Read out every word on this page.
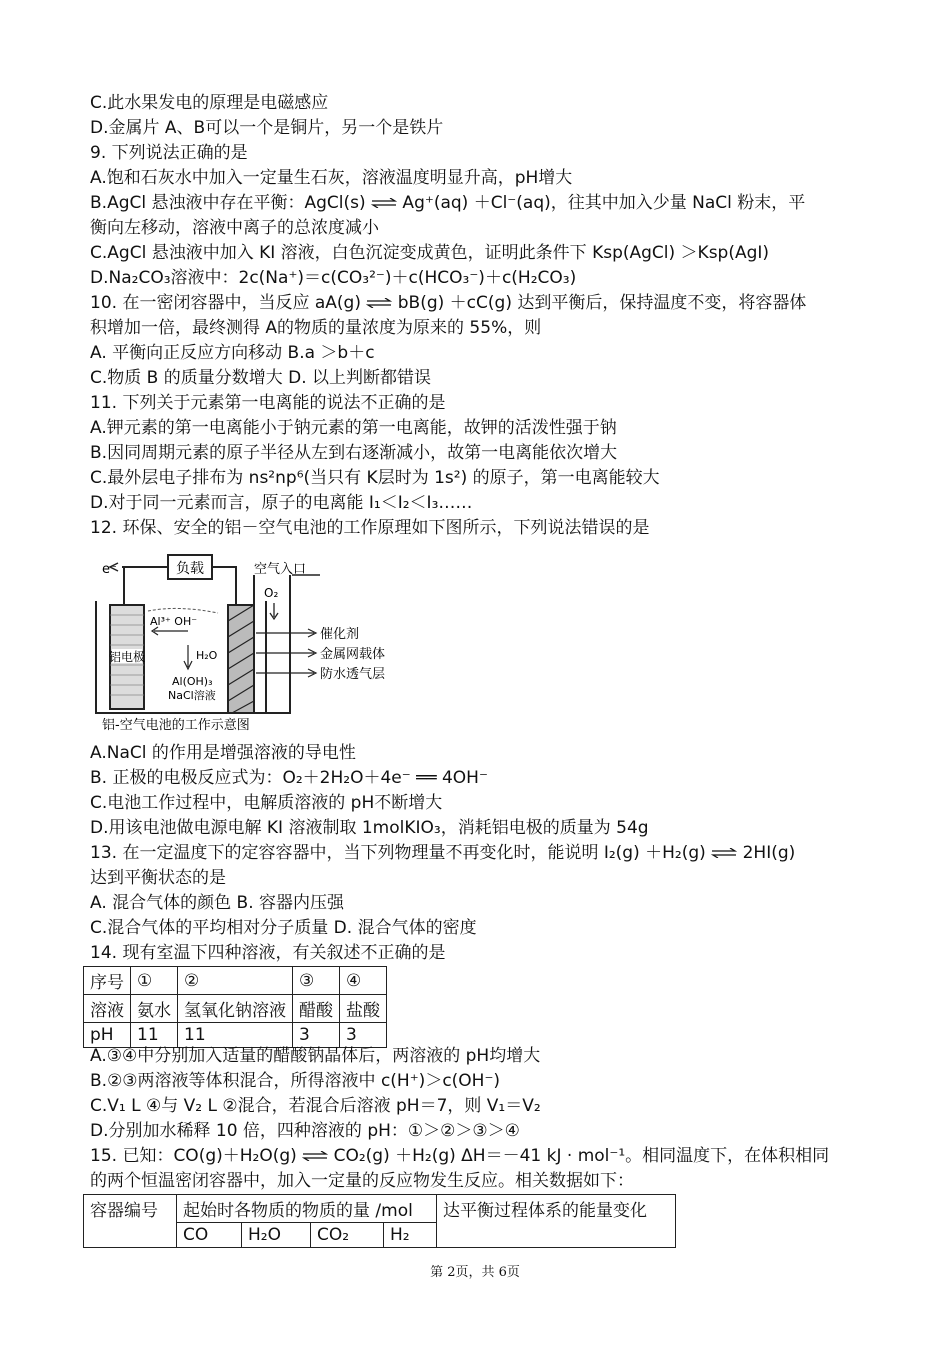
C.此水果发电的原理是电磁感应
D.金属片 A、B可以一个是铜片，另一个是铁片
9. 下列说法正确的是
A.饱和石灰水中加入一定量生石灰，溶液温度明显升高，pH增大
B.AgCl 悬浊液中存在平衡：AgCl(s) ⇌ Ag⁺(aq) ＋Cl⁻(aq)，往其中加入少量 NaCl 粉末，平
衡向左移动，溶液中离子的总浓度减小
C.AgCl 悬浊液中加入 KI 溶液，白色沉淀变成黄色，证明此条件下 Ksp(AgCl) ＞Ksp(AgI)
D.Na₂CO₃溶液中：2c(Na⁺)＝c(CO₃²⁻)＋c(HCO₃⁻)＋c(H₂CO₃)
10. 在一密闭容器中，当反应 aA(g) ⇌ bB(g) ＋cC(g) 达到平衡后，保持温度不变，将容器体
积增加一倍，最终测得 A的物质的量浓度为原来的 55%，则
A. 平衡向正反应方向移动 B.a ＞b＋c
C.物质 B 的质量分数增大 D. 以上判断都错误
11. 下列关于元素第一电离能的说法不正确的是
A.钾元素的第一电离能小于钠元素的第一电离能，故钾的活泼性强于钠
B.因同周期元素的原子半径从左到右逐渐减小，故第一电离能依次增大
C.最外层电子排布为 ns²np⁶(当只有 K层时为 1s²) 的原子，第一电离能较大
D.对于同一元素而言，原子的电离能 I₁＜I₂＜I₃……
12. 环保、安全的铝－空气电池的工作原理如下图所示，下列说法错误的是
负载
e⁻
铝电极
空气入口
O₂
Al³⁺ OH⁻
H₂O
Al(OH)₃
NaCl溶液
催化剂
金属网载体
防水透气层
铝-空气电池的工作示意图
A.NaCl 的作用是增强溶液的导电性
B. 正极的电极反应式为：O₂＋2H₂O＋4e⁻ ══ 4OH⁻
C.电池工作过程中，电解质溶液的 pH不断增大
D.用该电池做电源电解 KI 溶液制取 1molKIO₃，消耗铝电极的质量为 54g
13. 在一定温度下的定容容器中，当下列物理量不再变化时，能说明 I₂(g) ＋H₂(g) ⇌ 2HI(g)
达到平衡状态的是
A. 混合气体的颜色 B. 容器内压强
C.混合气体的平均相对分子质量 D. 混合气体的密度
14. 现有室温下四种溶液，有关叙述不正确的是
序号	①	②	③	④
溶液	氨水	氢氧化钠溶液	醋酸	盐酸
pH	11	11	3	3
A.③④中分别加入适量的醋酸钠晶体后，两溶液的 pH均增大
B.②③两溶液等体积混合，所得溶液中 c(H⁺)＞c(OH⁻)
C.V₁ L ④与 V₂ L ②混合，若混合后溶液 pH＝7，则 V₁＝V₂
D.分别加水稀释 10 倍，四种溶液的 pH：①＞②＞③＞④
15. 已知：CO(g)＋H₂O(g) ⇌ CO₂(g) ＋H₂(g) ΔH＝－41 kJ · mol⁻¹。相同温度下，在体积相同
的两个恒温密闭容器中，加入一定量的反应物发生反应。相关数据如下：
容器编号	起始时各物质的物质的量 /mol				达平衡过程体系的能量变化
	CO	H₂O	CO₂	H₂	
第 2页，共 6页
